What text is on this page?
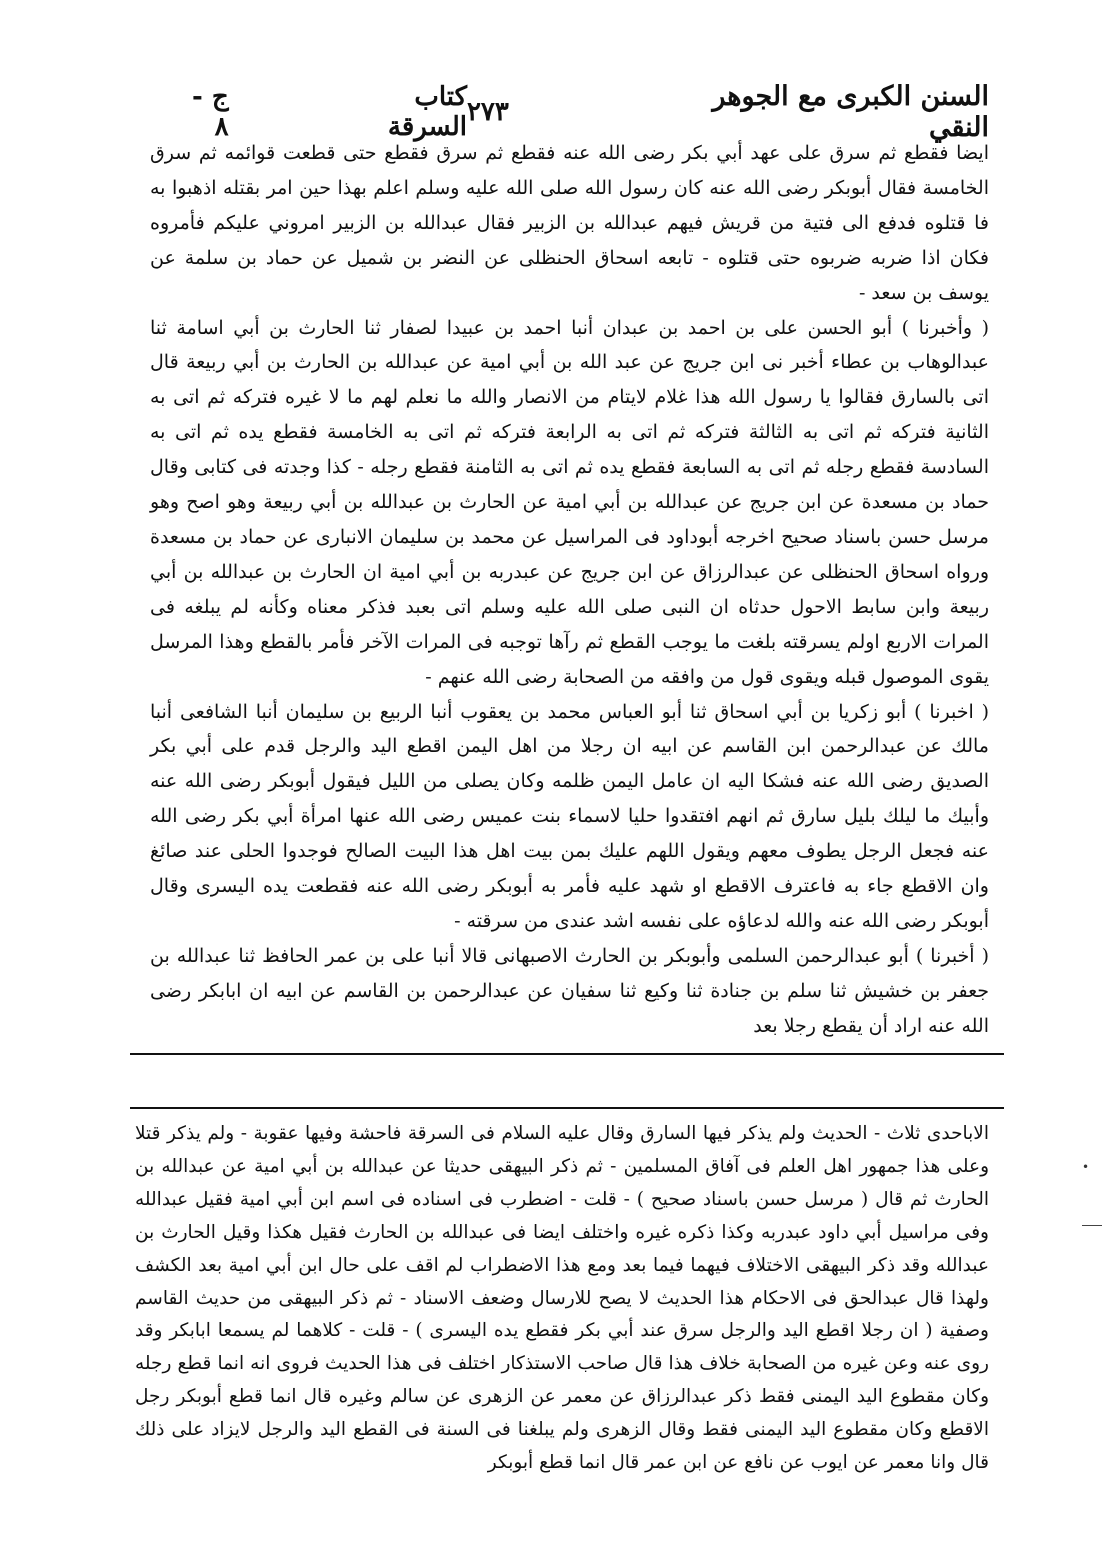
السنن الكبرى مع الجوهر النقي
٢٧٣
كتاب السرقة
ج - ٨

ايضا فقطع ثم سرق على عهد أبي بكر رضى الله عنه فقطع ثم سرق فقطع حتى قطعت قوائمه ثم سرق الخامسة فقال أبوبكر رضى الله عنه كان رسول الله صلى الله عليه وسلم اعلم بهذا حين امر بقتله اذهبوا به فا قتلوه فدفع الى فتية من قريش فيهم عبدالله بن الزبير فقال عبدالله بن الزبير امروني عليكم فأمروه فكان اذا ضربه ضربوه حتى قتلوه - تابعه اسحاق الحنظلى عن النضر بن شميل عن حماد بن سلمة عن يوسف بن سعد -

( وأخبرنا ) أبو الحسن على بن احمد بن عبدان أنبا احمد بن عبيدا لصفار ثنا الحارث بن أبي اسامة ثنا عبدالوهاب بن عطاء أخبر نى ابن جريج عن عبد الله بن أبي امية عن عبدالله بن الحارث بن أبي ربيعة قال اتى بالسارق فقالوا يا رسول الله هذا غلام لايتام من الانصار والله ما نعلم لهم ما لا غيره فتركه ثم اتى به الثانية فتركه ثم اتى به الثالثة فتركه ثم اتى به الرابعة فتركه ثم اتى به الخامسة فقطع يده ثم اتى به السادسة فقطع رجله ثم اتى به السابعة فقطع يده ثم اتى به الثامنة فقطع رجله - كذا وجدته فى كتابى وقال حماد بن مسعدة عن ابن جريج عن عبدالله بن أبي امية عن الحارث بن عبدالله بن أبي ربيعة وهو اصح وهو مرسل حسن باسناد صحيح اخرجه أبوداود فى المراسيل عن محمد بن سليمان الانبارى عن حماد بن مسعدة ورواه اسحاق الحنظلى عن عبدالرزاق عن ابن جريج عن عبدربه بن أبي امية ان الحارث بن عبدالله بن أبي ربيعة وابن سابط الاحول حدثاه ان النبى صلى الله عليه وسلم اتى بعبد فذكر معناه وكأنه لم يبلغه فى المرات الاربع اولم يسرقته بلغت ما يوجب القطع ثم رآها توجبه فى المرات الآخر فأمر بالقطع وهذا المرسل يقوى الموصول قبله ويقوى قول من وافقه من الصحابة رضى الله عنهم -

( اخبرنا ) أبو زكريا بن أبي اسحاق ثنا أبو العباس محمد بن يعقوب أنبا الربيع بن سليمان أنبا الشافعى أنبا مالك عن عبدالرحمن ابن القاسم عن ابيه ان رجلا من اهل اليمن اقطع اليد والرجل قدم على أبي بكر الصديق رضى الله عنه فشكا اليه ان عامل اليمن ظلمه وكان يصلى من الليل فيقول أبوبكر رضى الله عنه وأبيك ما ليلك بليل سارق ثم انهم افتقدوا حليا لاسماء بنت عميس رضى الله عنها امرأة أبي بكر رضى الله عنه فجعل الرجل يطوف معهم ويقول اللهم عليك بمن بيت اهل هذا البيت الصالح فوجدوا الحلى عند صائغ وان الاقطع جاء به فاعترف الاقطع او شهد عليه فأمر به أبوبكر رضى الله عنه فقطعت يده اليسرى وقال أبوبكر رضى الله عنه والله لدعاؤه على نفسه اشد عندى من سرقته -

( أخبرنا ) أبو عبدالرحمن السلمى وأبوبكر بن الحارث الاصبهانى قالا أنبا على بن عمر الحافظ ثنا عبدالله بن جعفر بن خشيش ثنا سلم بن جنادة ثنا وكيع ثنا سفيان عن عبدالرحمن بن القاسم عن ابيه ان ابابكر رضى الله عنه اراد أن يقطع رجلا بعد

الاباحدى ثلاث - الحديث ولم يذكر فيها السارق وقال عليه السلام فى السرقة فاحشة وفيها عقوبة - ولم يذكر قتلا وعلى هذا جمهور اهل العلم فى آفاق المسلمين - ثم ذكر البيهقى حديثا عن عبدالله بن أبي امية عن عبدالله بن الحارث ثم قال ( مرسل حسن باسناد صحيح ) - قلت - اضطرب فى اسناده فى اسم ابن أبي امية فقيل عبدالله وفى مراسيل أبي داود عبدربه وكذا ذكره غيره واختلف ايضا فى عبدالله بن الحارث فقيل هكذا وقيل الحارث بن عبدالله وقد ذكر البيهقى الاختلاف فيهما فيما بعد ومع هذا الاضطراب لم اقف على حال ابن أبي امية بعد الكشف ولهذا قال عبدالحق فى الاحكام هذا الحديث لا يصح للارسال وضعف الاسناد - ثم ذكر البيهقى من حديث القاسم وصفية ( ان رجلا اقطع اليد والرجل سرق عند أبي بكر فقطع يده اليسرى ) - قلت - كلاهما لم يسمعا ابابكر وقد روى عنه وعن غيره من الصحابة خلاف هذا قال صاحب الاستذكار اختلف فى هذا الحديث فروى انه انما قطع رجله وكان مقطوع اليد اليمنى فقط ذكر عبدالرزاق عن معمر عن الزهرى عن سالم وغيره قال انما قطع أبوبكر رجل الاقطع وكان مقطوع اليد اليمنى فقط وقال الزهرى ولم يبلغنا فى السنة فى القطع اليد والرجل لايزاد على ذلك قال وانا معمر عن ايوب عن نافع عن ابن عمر قال انما قطع أبوبكر

•
